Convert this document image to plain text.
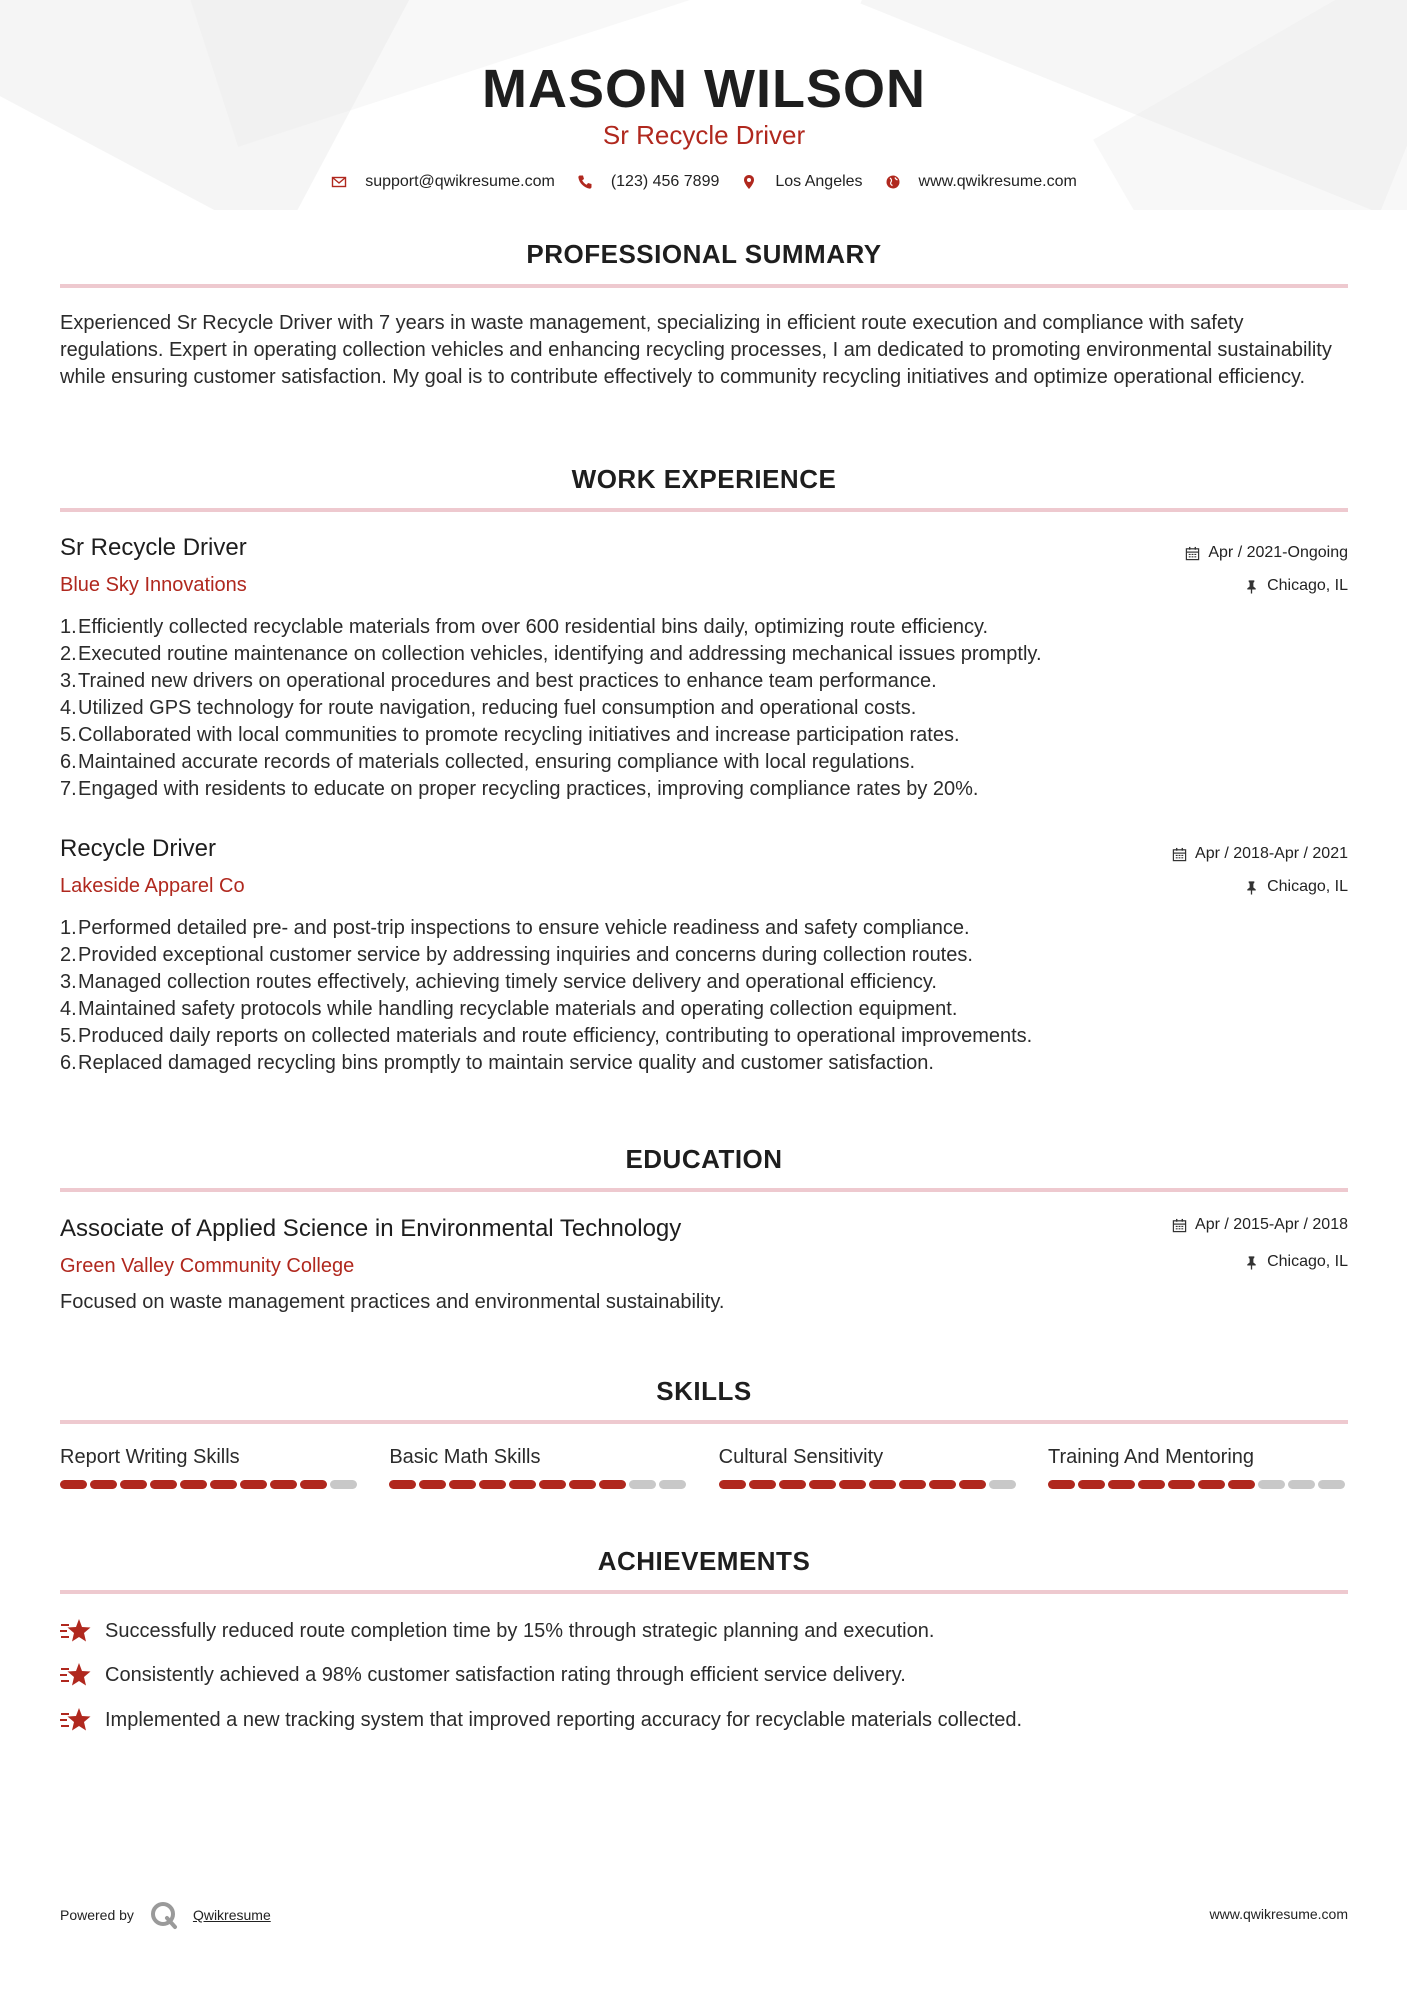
MASON WILSON
Sr Recycle Driver
support@qwikresume.com	(123) 456 7899	Los Angeles	www.qwikresume.com
PROFESSIONAL SUMMARY
Experienced Sr Recycle Driver with 7 years in waste management, specializing in efficient route execution and compliance with safety regulations. Expert in operating collection vehicles and enhancing recycling processes, I am dedicated to promoting environmental sustainability while ensuring customer satisfaction. My goal is to contribute effectively to community recycling initiatives and optimize operational efficiency.
WORK EXPERIENCE
Sr Recycle Driver
Blue Sky Innovations
Apr / 2021-Ongoing
Chicago, IL
1. Efficiently collected recyclable materials from over 600 residential bins daily, optimizing route efficiency.
2. Executed routine maintenance on collection vehicles, identifying and addressing mechanical issues promptly.
3. Trained new drivers on operational procedures and best practices to enhance team performance.
4. Utilized GPS technology for route navigation, reducing fuel consumption and operational costs.
5. Collaborated with local communities to promote recycling initiatives and increase participation rates.
6. Maintained accurate records of materials collected, ensuring compliance with local regulations.
7. Engaged with residents to educate on proper recycling practices, improving compliance rates by 20%.
Recycle Driver
Lakeside Apparel Co
Apr / 2018-Apr / 2021
Chicago, IL
1. Performed detailed pre- and post-trip inspections to ensure vehicle readiness and safety compliance.
2. Provided exceptional customer service by addressing inquiries and concerns during collection routes.
3. Managed collection routes effectively, achieving timely service delivery and operational efficiency.
4. Maintained safety protocols while handling recyclable materials and operating collection equipment.
5. Produced daily reports on collected materials and route efficiency, contributing to operational improvements.
6. Replaced damaged recycling bins promptly to maintain service quality and customer satisfaction.
EDUCATION
Associate of Applied Science in Environmental Technology
Green Valley Community College
Apr / 2015-Apr / 2018
Chicago, IL
Focused on waste management practices and environmental sustainability.
SKILLS
Report Writing Skills	Basic Math Skills	Cultural Sensitivity	Training And Mentoring
ACHIEVEMENTS
Successfully reduced route completion time by 15% through strategic planning and execution.
Consistently achieved a 98% customer satisfaction rating through efficient service delivery.
Implemented a new tracking system that improved reporting accuracy for recyclable materials collected.
Powered by	Qwikresume	www.qwikresume.com
